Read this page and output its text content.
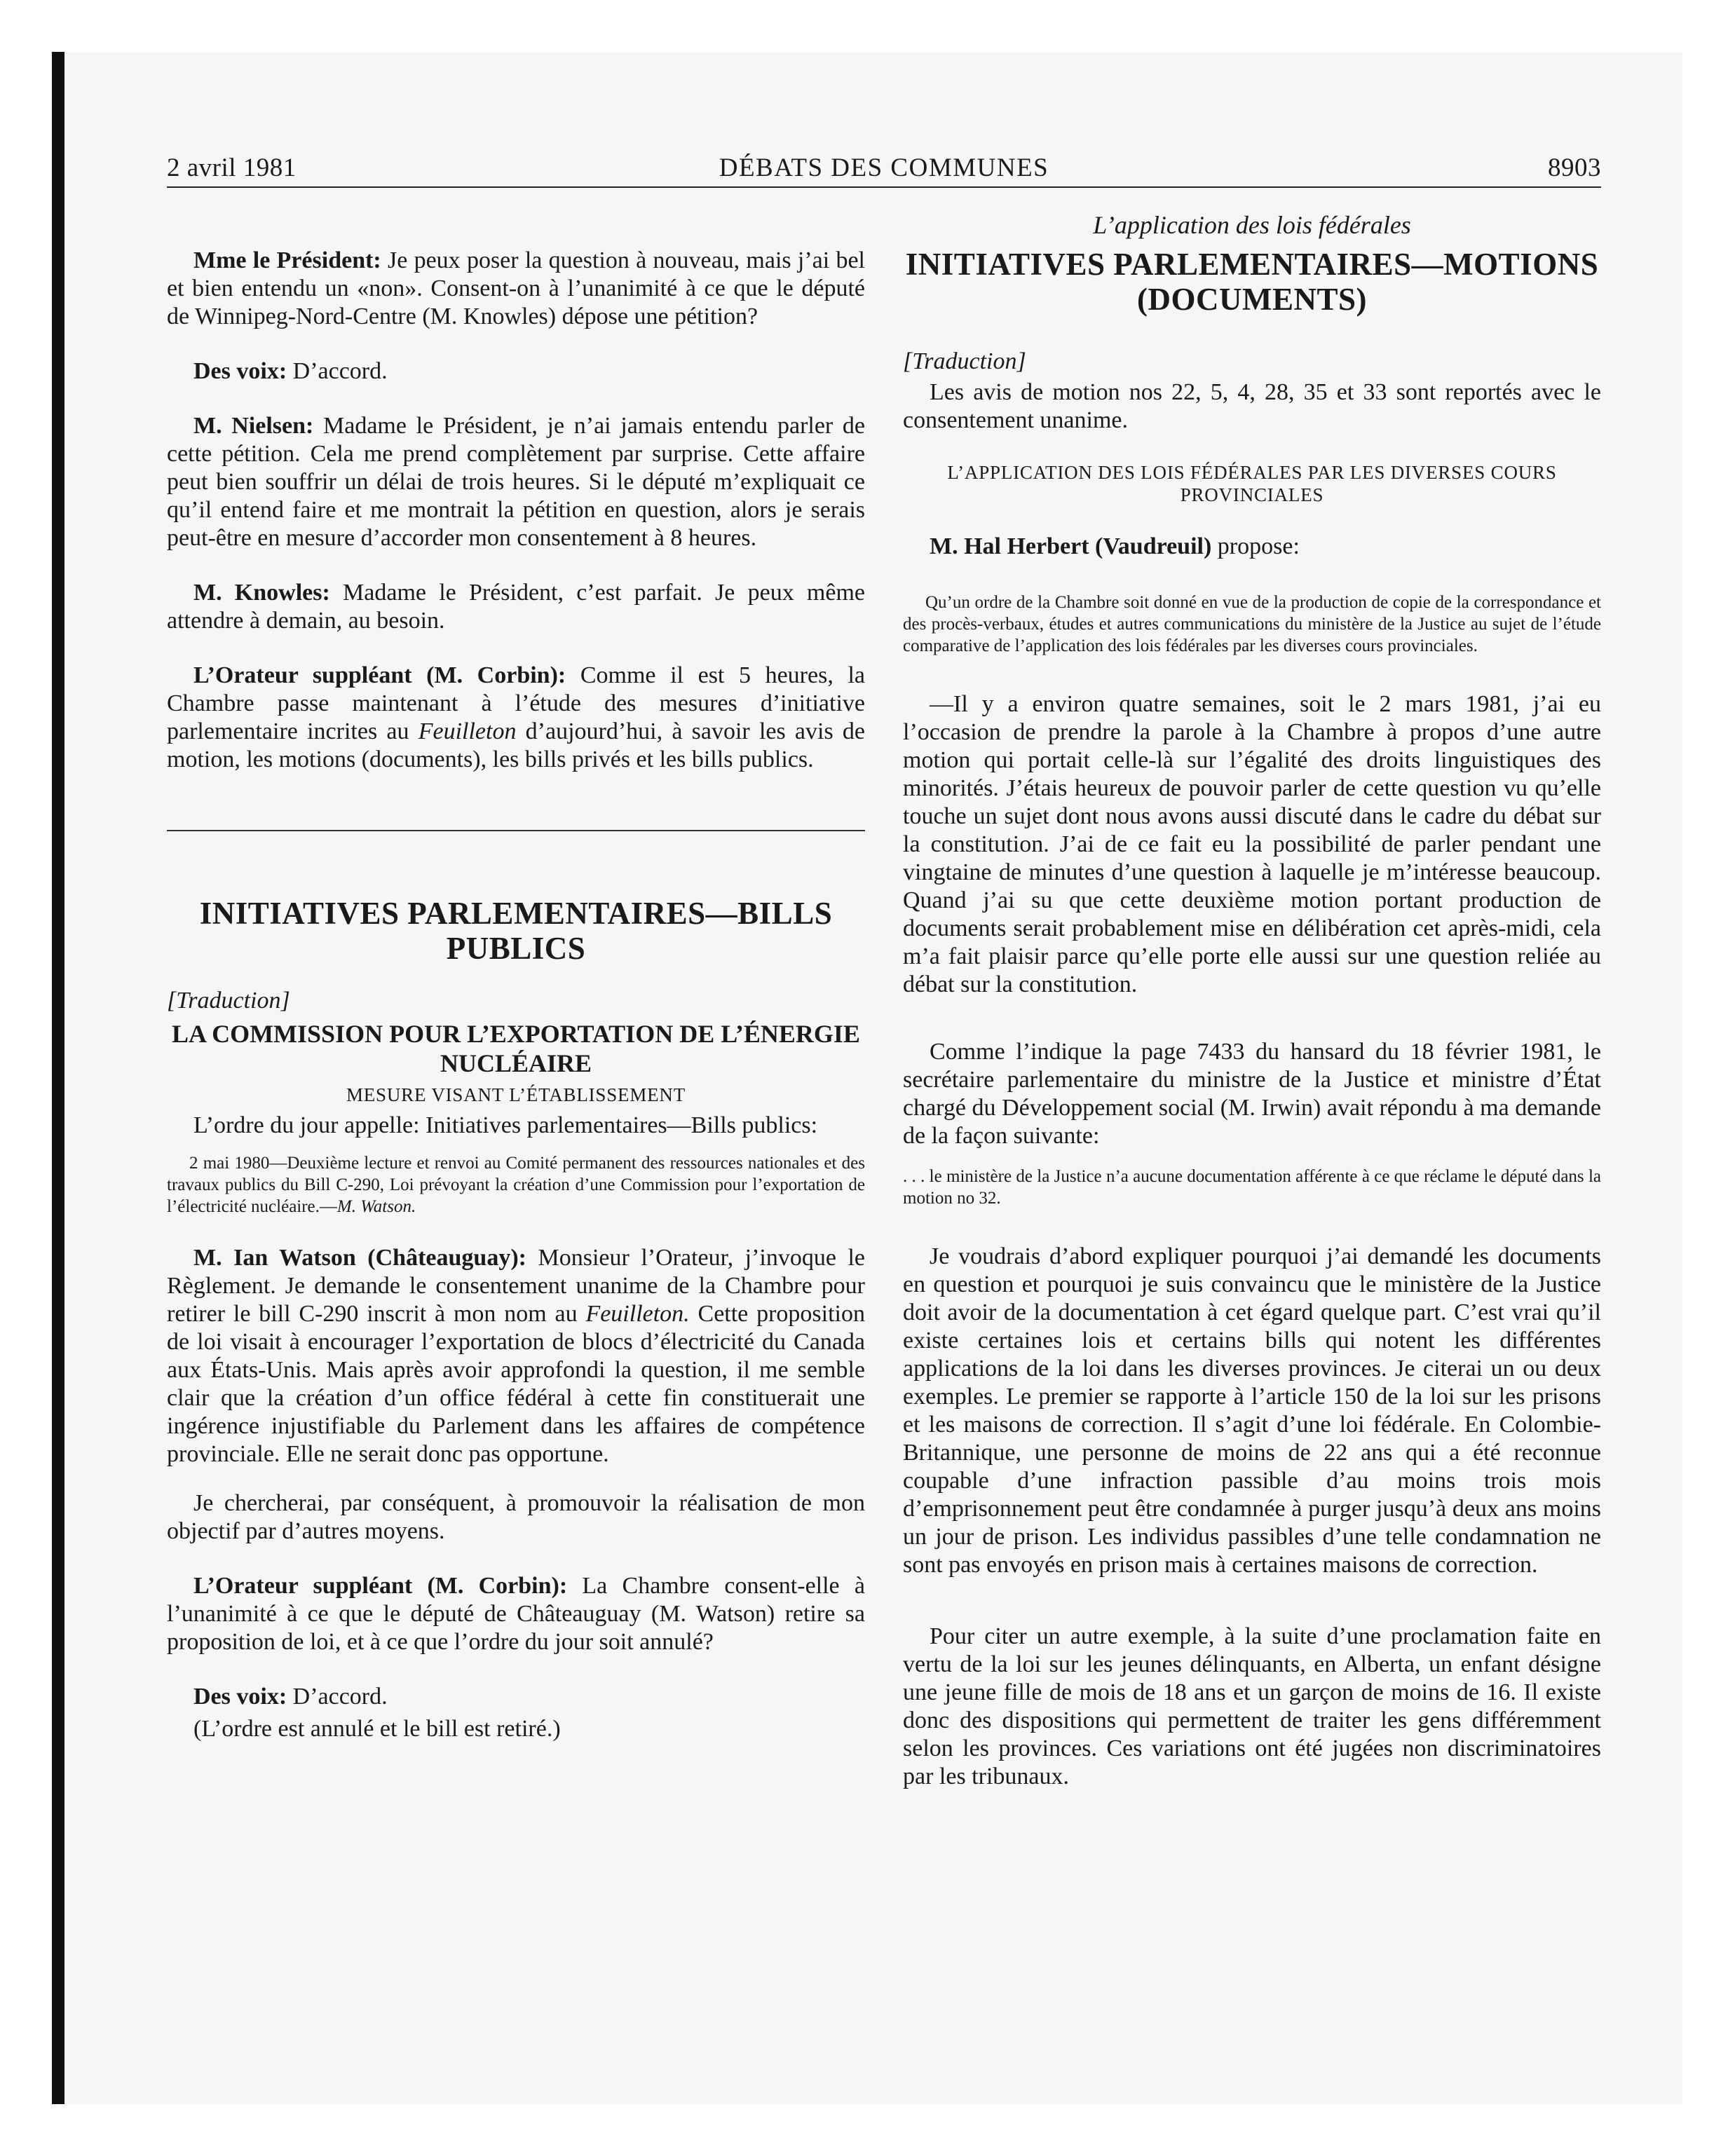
2 avril 1981	DÉBATS DES COMMUNES	8903

Mme le Président: Je peux poser la question à nouveau, mais j’ai bel et bien entendu un «non». Consent-on à l’unanimité à ce que le député de Winnipeg-Nord-Centre (M. Knowles) dépose une pétition?

Des voix: D’accord.

M. Nielsen: Madame le Président, je n’ai jamais entendu parler de cette pétition. Cela me prend complètement par surprise. Cette affaire peut bien souffrir un délai de trois heures. Si le député m’expliquait ce qu’il entend faire et me montrait la pétition en question, alors je serais peut-être en mesure d’accorder mon consentement à 8 heures.

M. Knowles: Madame le Président, c’est parfait. Je peux même attendre à demain, au besoin.

L’Orateur suppléant (M. Corbin): Comme il est 5 heures, la Chambre passe maintenant à l’étude des mesures d’initiative parlementaire incrites au Feuilleton d’aujourd’hui, à savoir les avis de motion, les motions (documents), les bills privés et les bills publics.

INITIATIVES PARLEMENTAIRES—BILLS PUBLICS
[Traduction]
LA COMMISSION POUR L’EXPORTATION DE L’ÉNERGIE NUCLÉAIRE
MESURE VISANT L’ÉTABLISSEMENT

L’ordre du jour appelle: Initiatives parlementaires—Bills publics:

2 mai 1980—Deuxième lecture et renvoi au Comité permanent des ressources nationales et des travaux publics du Bill C-290, Loi prévoyant la création d’une Commission pour l’exportation de l’électricité nucléaire.—M. Watson.

M. Ian Watson (Châteauguay): Monsieur l’Orateur, j’invoque le Règlement. Je demande le consentement unanime de la Chambre pour retirer le bill C-290 inscrit à mon nom au Feuilleton. Cette proposition de loi visait à encourager l’exportation de blocs d’électricité du Canada aux États-Unis. Mais après avoir approfondi la question, il me semble clair que la création d’un office fédéral à cette fin constituerait une ingérence injustifiable du Parlement dans les affaires de compétence provinciale. Elle ne serait donc pas opportune.

Je chercherai, par conséquent, à promouvoir la réalisation de mon objectif par d’autres moyens.

L’Orateur suppléant (M. Corbin): La Chambre consent-elle à l’unanimité à ce que le député de Châteauguay (M. Watson) retire sa proposition de loi, et à ce que l’ordre du jour soit annulé?

Des voix: D’accord.

(L’ordre est annulé et le bill est retiré.)

L’application des lois fédérales
INITIATIVES PARLEMENTAIRES—MOTIONS (DOCUMENTS)
[Traduction]

Les avis de motion nos 22, 5, 4, 28, 35 et 33 sont reportés avec le consentement unanime.

L’APPLICATION DES LOIS FÉDÉRALES PAR LES DIVERSES COURS PROVINCIALES

M. Hal Herbert (Vaudreuil) propose:

Qu’un ordre de la Chambre soit donné en vue de la production de copie de la correspondance et des procès-verbaux, études et autres communications du ministère de la Justice au sujet de l’étude comparative de l’application des lois fédérales par les diverses cours provinciales.

—Il y a environ quatre semaines, soit le 2 mars 1981, j’ai eu l’occasion de prendre la parole à la Chambre à propos d’une autre motion qui portait celle-là sur l’égalité des droits linguistiques des minorités. J’étais heureux de pouvoir parler de cette question vu qu’elle touche un sujet dont nous avons aussi discuté dans le cadre du débat sur la constitution. J’ai de ce fait eu la possibilité de parler pendant une vingtaine de minutes d’une question à laquelle je m’intéresse beaucoup. Quand j’ai su que cette deuxième motion portant production de documents serait probablement mise en délibération cet après-midi, cela m’a fait plaisir parce qu’elle porte elle aussi sur une question reliée au débat sur la constitution.

Comme l’indique la page 7433 du hansard du 18 février 1981, le secrétaire parlementaire du ministre de la Justice et ministre d’État chargé du Développement social (M. Irwin) avait répondu à ma demande de la façon suivante:

. . . le ministère de la Justice n’a aucune documentation afférente à ce que réclame le député dans la motion no 32.

Je voudrais d’abord expliquer pourquoi j’ai demandé les documents en question et pourquoi je suis convaincu que le ministère de la Justice doit avoir de la documentation à cet égard quelque part. C’est vrai qu’il existe certaines lois et certains bills qui notent les différentes applications de la loi dans les diverses provinces. Je citerai un ou deux exemples. Le premier se rapporte à l’article 150 de la loi sur les prisons et les maisons de correction. Il s’agit d’une loi fédérale. En Colombie-Britannique, une personne de moins de 22 ans qui a été reconnue coupable d’une infraction passible d’au moins trois mois d’emprisonnement peut être condamnée à purger jusqu’à deux ans moins un jour de prison. Les individus passibles d’une telle condamnation ne sont pas envoyés en prison mais à certaines maisons de correction.

Pour citer un autre exemple, à la suite d’une proclamation faite en vertu de la loi sur les jeunes délinquants, en Alberta, un enfant désigne une jeune fille de mois de 18 ans et un garçon de moins de 16. Il existe donc des dispositions qui permettent de traiter les gens différemment selon les provinces. Ces variations ont été jugées non discriminatoires par les tribunaux.
